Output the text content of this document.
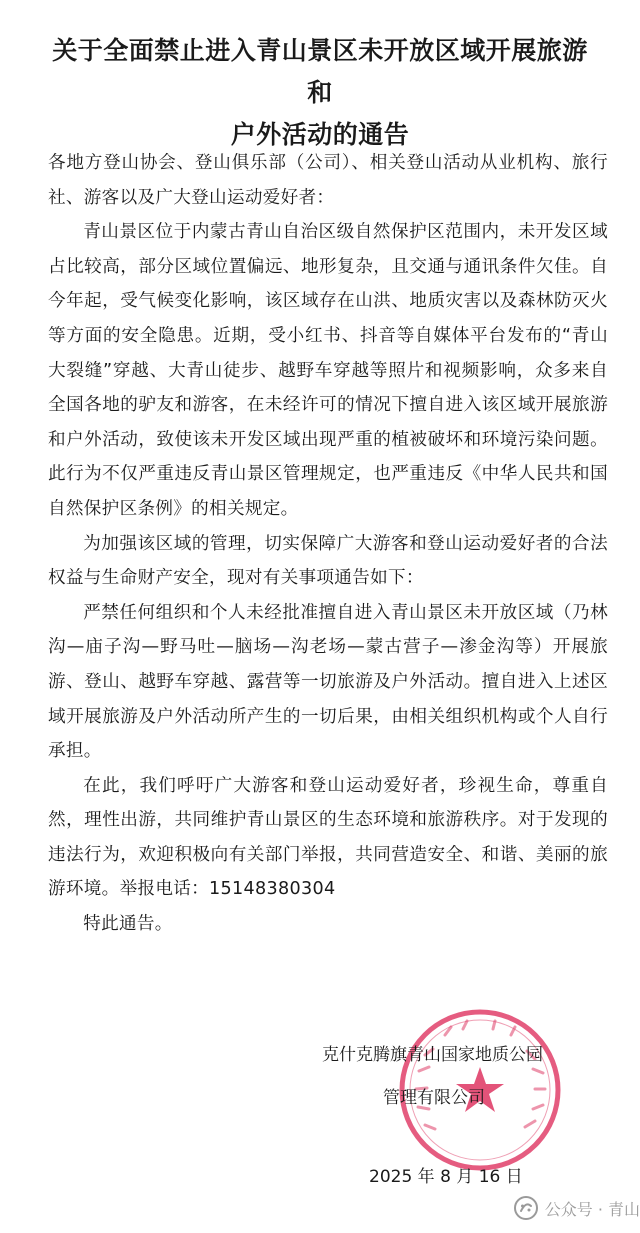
关于全面禁止进入青山景区未开放区域开展旅游和
户外活动的通告

各地方登山协会、登山俱乐部（公司）、相关登山活动从业机构、旅行社、游客以及广大登山运动爱好者：

青山景区位于内蒙古青山自治区级自然保护区范围内，未开发区域占比较高，部分区域位置偏远、地形复杂，且交通与通讯条件欠佳。自今年起，受气候变化影响，该区域存在山洪、地质灾害以及森林防灭火等方面的安全隐患。近期，受小红书、抖音等自媒体平台发布的“青山大裂缝”穿越、大青山徒步、越野车穿越等照片和视频影响，众多来自全国各地的驴友和游客，在未经许可的情况下擅自进入该区域开展旅游和户外活动，致使该未开发区域出现严重的植被破坏和环境污染问题。此行为不仅严重违反青山景区管理规定，也严重违反《中华人民共和国自然保护区条例》的相关规定。

为加强该区域的管理，切实保障广大游客和登山运动爱好者的合法权益与生命财产安全，现对有关事项通告如下：

严禁任何组织和个人未经批准擅自进入青山景区未开放区域（乃林沟—庙子沟—野马吐—脑场—沟老场—蒙古营子—渗金沟等）开展旅游、登山、越野车穿越、露营等一切旅游及户外活动。擅自进入上述区域开展旅游及户外活动所产生的一切后果，由相关组织机构或个人自行承担。

在此，我们呼吁广大游客和登山运动爱好者，珍视生命，尊重自然，理性出游，共同维护青山景区的生态环境和旅游秩序。对于发现的违法行为，欢迎积极向有关部门举报，共同营造安全、和谐、美丽的旅游环境。举报电话：15148380304

特此通告。

克什克腾旗青山国家地质公园
管理有限公司
2025 年 8 月 16 日
公众号 · 青山
